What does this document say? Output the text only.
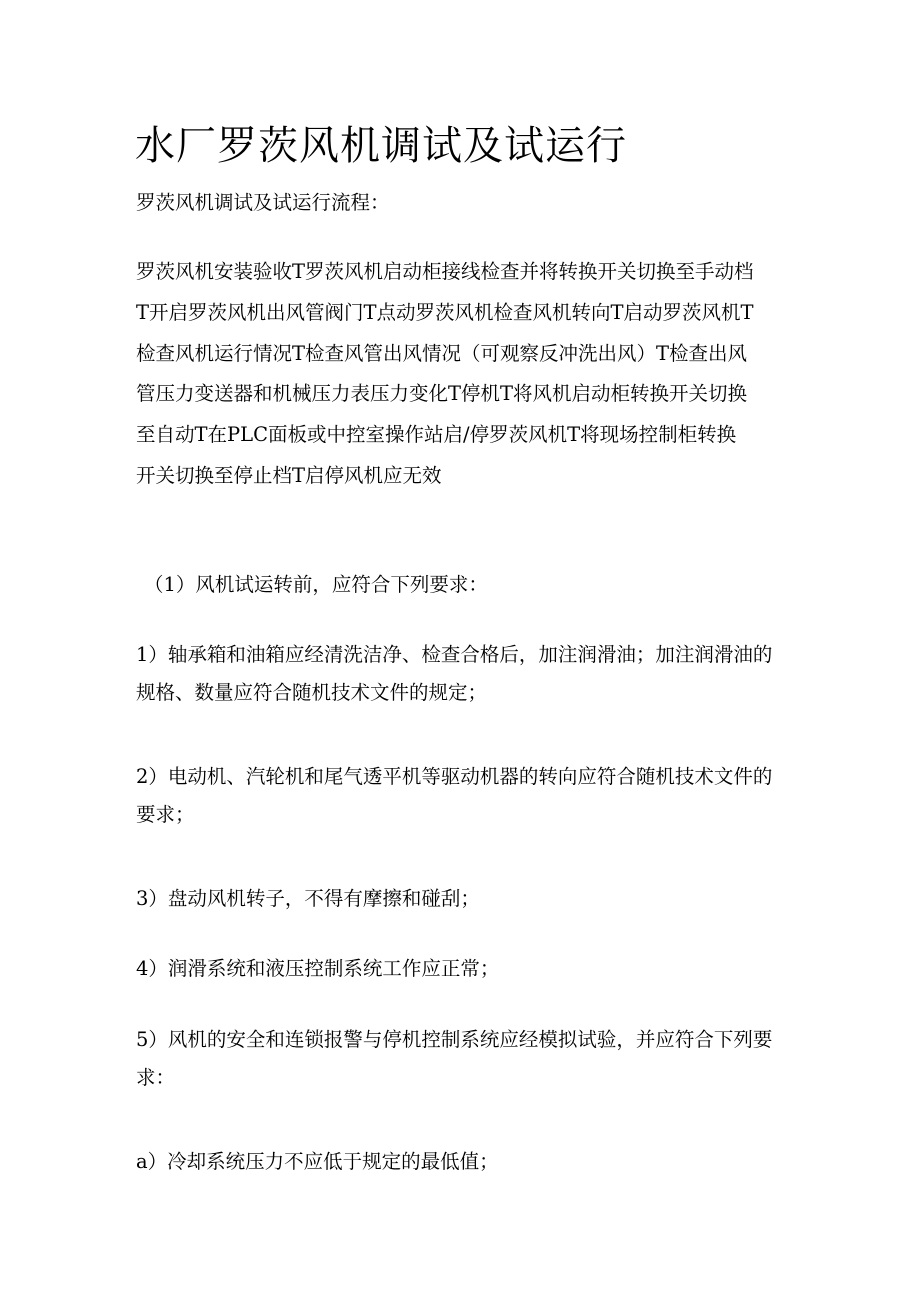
水厂罗茨风机调试及试运行

罗茨风机调试及试运行流程：

罗茨风机安装验收T罗茨风机启动柜接线检查并将转换开关切换至手动档
T开启罗茨风机出风管阀门T点动罗茨风机检查风机转向T启动罗茨风机T
检查风机运行情况T检查风管出风情况（可观察反冲洗出风）T检查出风
管压力变送器和机械压力表压力变化T停机T将风机启动柜转换开关切换
至自动T在PLC面板或中控室操作站启/停罗茨风机T将现场控制柜转换
开关切换至停止档T启停风机应无效

（1）风机试运转前，应符合下列要求：

1）轴承箱和油箱应经清洗洁净、检查合格后，加注润滑油；加注润滑油的规格、数量应符合随机技术文件的规定；

2）电动机、汽轮机和尾气透平机等驱动机器的转向应符合随机技术文件的要求；

3）盘动风机转子，不得有摩擦和碰刮；

4）润滑系统和液压控制系统工作应正常；

5）风机的安全和连锁报警与停机控制系统应经模拟试验，并应符合下列要求：

a）冷却系统压力不应低于规定的最低值；
